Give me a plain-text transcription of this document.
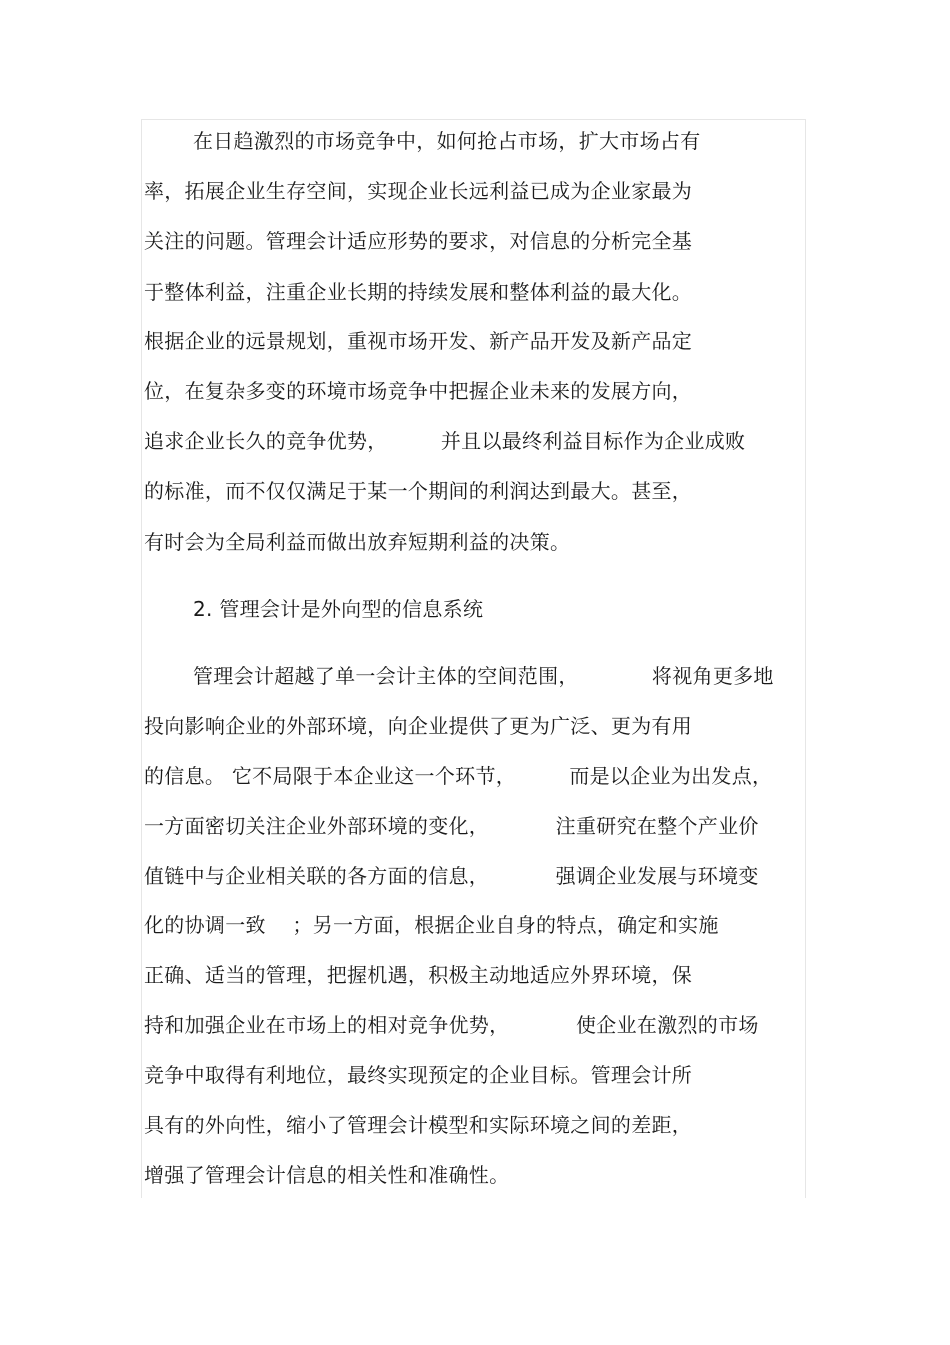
在日趋激烈的市场竞争中，如何抢占市场，扩大市场占有
率，拓展企业生存空间，实现企业长远利益已成为企业家最为
关注的问题。管理会计适应形势的要求，对信息的分析完全基
于整体利益，注重企业长期的持续发展和整体利益的最大化。
根据企业的远景规划，重视市场开发、新产品开发及新产品定
位，在复杂多变的环境市场竞争中把握企业未来的发展方向，
追求企业长久的竞争优势，        并且以最终利益目标作为企业成败
的标准，而不仅仅满足于某一个期间的利润达到最大。甚至，
有时会为全局利益而做出放弃短期利益的决策。
2. 管理会计是外向型的信息系统
管理会计超越了单一会计主体的空间范围，           将视角更多地
投向影响企业的外部环境，向企业提供了更为广泛、更为有用
的信息。 它不局限于本企业这一个环节，        而是以企业为出发点，
一方面密切关注企业外部环境的变化，          注重研究在整个产业价
值链中与企业相关联的各方面的信息，          强调企业发展与环境变
化的协调一致    ；另一方面，根据企业自身的特点，确定和实施
正确、适当的管理，把握机遇，积极主动地适应外界环境，保
持和加强企业在市场上的相对竞争优势，          使企业在激烈的市场
竞争中取得有利地位，最终实现预定的企业目标。管理会计所
具有的外向性，缩小了管理会计模型和实际环境之间的差距，
增强了管理会计信息的相关性和准确性。
